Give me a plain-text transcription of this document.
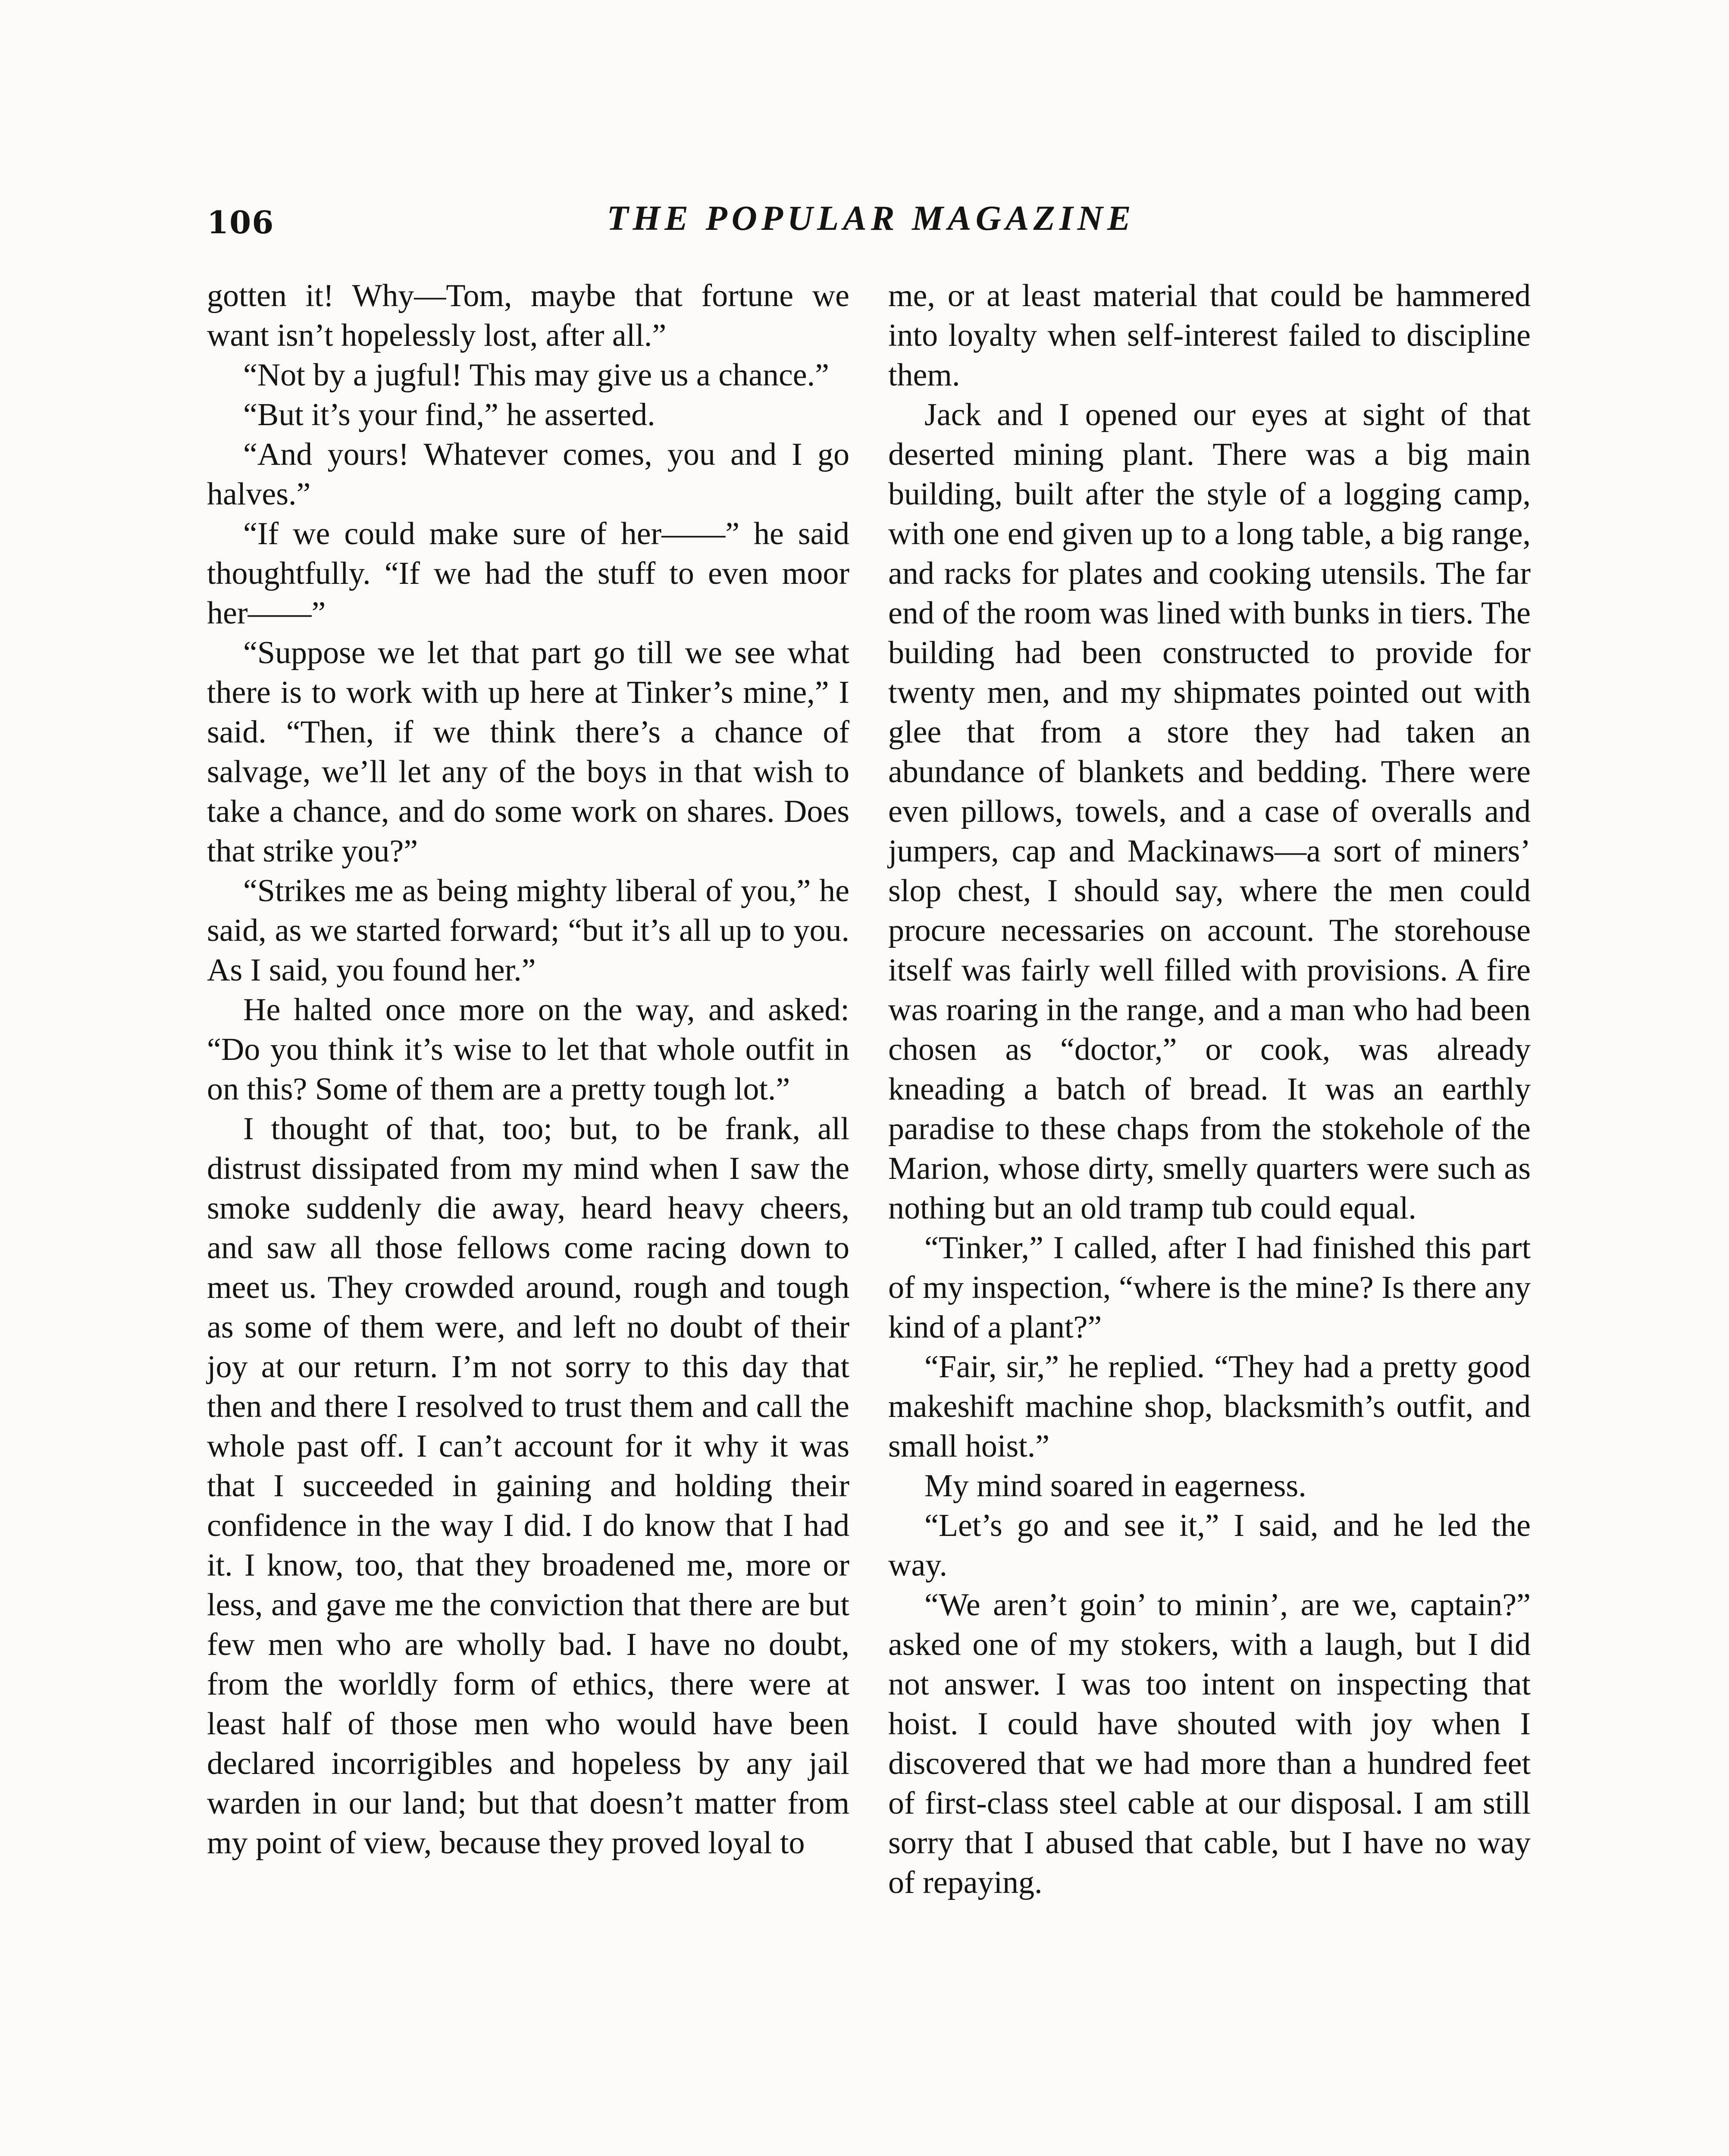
106	THE POPULAR MAGAZINE

gotten it! Why—Tom, maybe that fortune we want isn’t hopelessly lost, after all.”

“Not by a jugful! This may give us a chance.”

“But it’s your find,” he asserted.

“And yours! Whatever comes, you and I go halves.”

“If we could make sure of her——” he said thoughtfully. “If we had the stuff to even moor her——”

“Suppose we let that part go till we see what there is to work with up here at Tinker’s mine,” I said. “Then, if we think there’s a chance of salvage, we’ll let any of the boys in that wish to take a chance, and do some work on shares. Does that strike you?”

“Strikes me as being mighty liberal of you,” he said, as we started forward; “but it’s all up to you. As I said, you found her.”

He halted once more on the way, and asked: “Do you think it’s wise to let that whole outfit in on this? Some of them are a pretty tough lot.”

I thought of that, too; but, to be frank, all distrust dissipated from my mind when I saw the smoke suddenly die away, heard heavy cheers, and saw all those fellows come racing down to meet us. They crowded around, rough and tough as some of them were, and left no doubt of their joy at our return. I’m not sorry to this day that then and there I resolved to trust them and call the whole past off. I can’t account for it why it was that I succeeded in gaining and holding their confidence in the way I did. I do know that I had it. I know, too, that they broadened me, more or less, and gave me the conviction that there are but few men who are wholly bad. I have no doubt, from the worldly form of ethics, there were at least half of those men who would have been declared incorrigibles and hopeless by any jail warden in our land; but that doesn’t matter from my point of view, because they proved loyal to

me, or at least material that could be hammered into loyalty when self-interest failed to discipline them.

Jack and I opened our eyes at sight of that deserted mining plant. There was a big main building, built after the style of a logging camp, with one end given up to a long table, a big range, and racks for plates and cooking utensils. The far end of the room was lined with bunks in tiers. The building had been constructed to provide for twenty men, and my shipmates pointed out with glee that from a store they had taken an abundance of blankets and bedding. There were even pillows, towels, and a case of overalls and jumpers, cap and Mackinaws—a sort of miners’ slop chest, I should say, where the men could procure necessaries on account. The storehouse itself was fairly well filled with provisions. A fire was roaring in the range, and a man who had been chosen as “doctor,” or cook, was already kneading a batch of bread. It was an earthly paradise to these chaps from the stokehole of the Marion, whose dirty, smelly quarters were such as nothing but an old tramp tub could equal.

“Tinker,” I called, after I had finished this part of my inspection, “where is the mine? Is there any kind of a plant?”

“Fair, sir,” he replied. “They had a pretty good makeshift machine shop, blacksmith’s outfit, and small hoist.”

My mind soared in eagerness.

“Let’s go and see it,” I said, and he led the way.

“We aren’t goin’ to minin’, are we, captain?” asked one of my stokers, with a laugh, but I did not answer. I was too intent on inspecting that hoist. I could have shouted with joy when I discovered that we had more than a hundred feet of first-class steel cable at our disposal. I am still sorry that I abused that cable, but I have no way of repaying.
